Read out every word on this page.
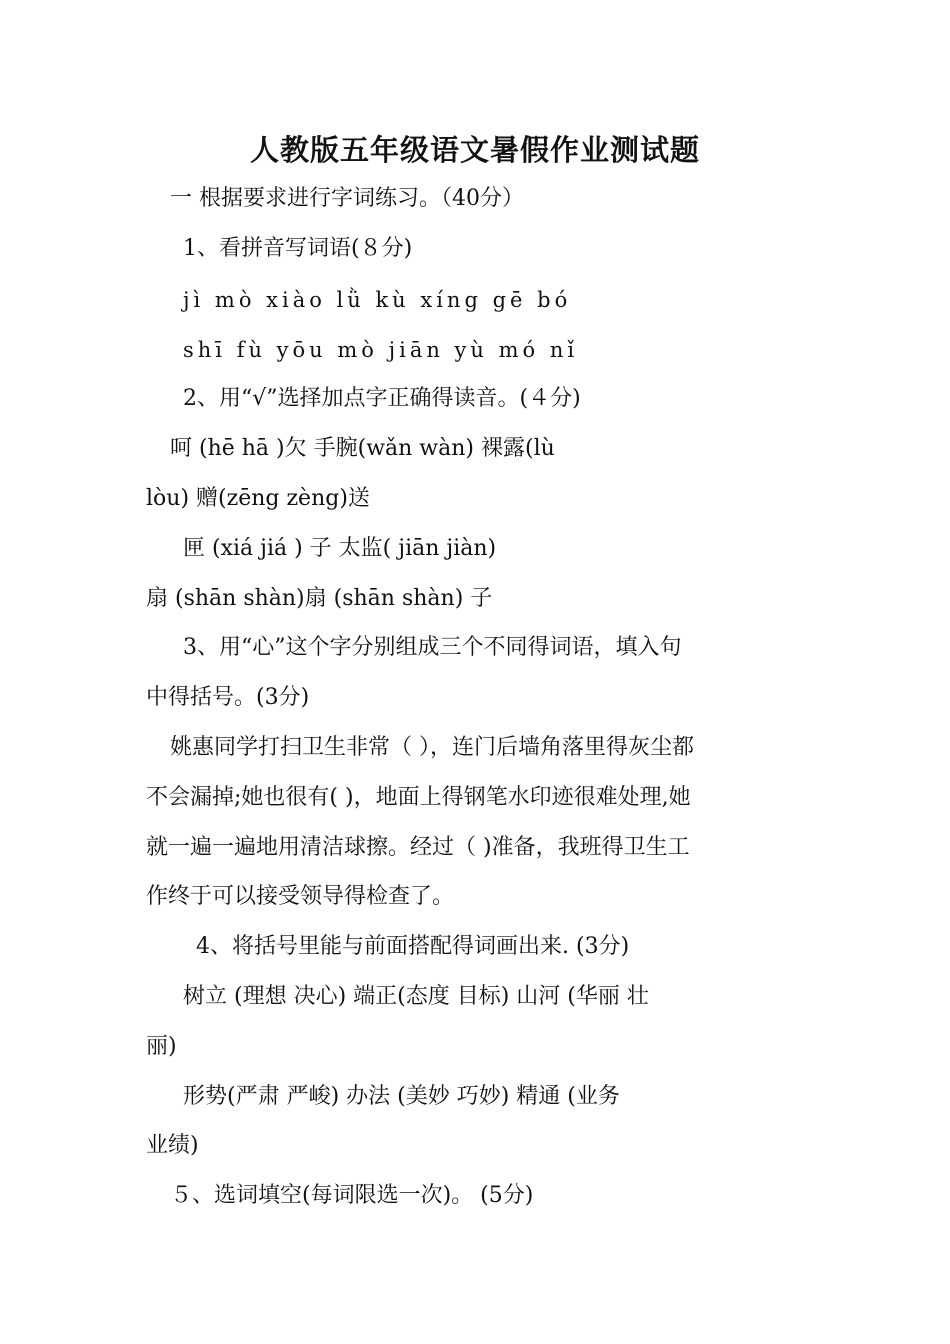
人教版五年级语文暑假作业测试题

一 根据要求进行字词练习。（40分）

1、看拼音写词语(８分)

jì mò xiào lǜ kù xíng gē bó

shī fù yōu mò jiān yù mó nǐ

2、用“√”选择加点字正确得读音。(４分)

呵 (hē hā )欠 手腕(wǎn wàn) 裸露(lù

lòu) 赠(zēng zèng)送

匣 (xiá jiá ) 子 太监( jiān jiàn)

扇 (shān shàn)扇 (shān shàn) 子

3、用“心”这个字分别组成三个不同得词语，填入句

中得括号。(3分)

姚惠同学打扫卫生非常（ ），连门后墙角落里得灰尘都

不会漏掉;她也很有( )，地面上得钢笔水印迹很难处理,她

就一遍一遍地用清洁球擦。经过（ )准备，我班得卫生工

作终于可以接受领导得检查了。

4、将括号里能与前面搭配得词画出来. (3分)

树立 (理想 决心) 端正(态度 目标) 山河 (华丽 壮

丽)

形势(严肃 严峻) 办法 (美妙 巧妙) 精通 (业务

业绩)

５、选词填空(每词限选一次)。 (5分)
